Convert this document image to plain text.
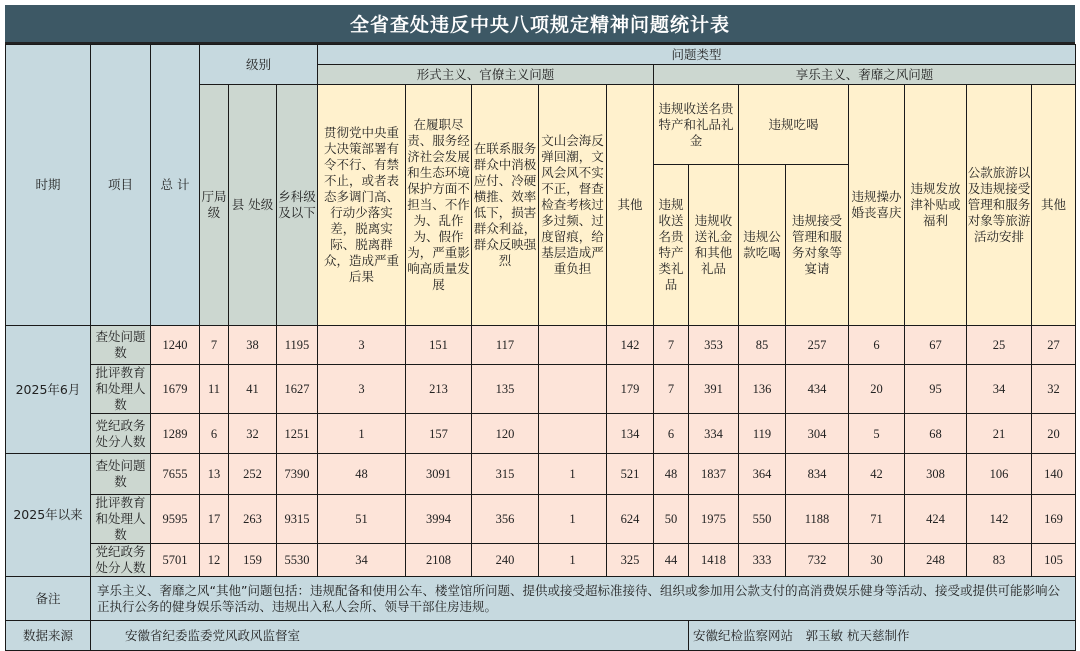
全省查处违反中央八项规定精神问题统计表
时期	项目	总 计	级别			问题类型												
						形式主义、官僚主义问题					享乐主义、奢靡之风问题							
			厅局级	县 处级	乡科级及以下	贯彻党中央重大决策部署有令不行、有禁不止，或者表态多调门高、行动少落实差，脱离实际、脱离群众，造成严重后果	在履职尽责、服务经济社会发展和生态环境保护方面不担当、不作为、乱作为、假作为，严重影响高质量发展	在联系服务群众中消极应付、冷硬横推、效率低下，损害群众利益，群众反映强烈	文山会海反弹回潮，文风会风不实不正，督查检查考核过多过频、过度留痕，给基层造成严重负担	其他	违规收送名贵特产和礼品礼金		违规吃喝		违规操办婚丧喜庆	违规发放津补贴或福利	公款旅游以及违规接受管理和服务对象等旅游活动安排	其他
											违规收送名贵特产类礼品	违规收送礼金和其他礼品	违规公款吃喝	违规接受管理和服务对象等宴请				
2025年6月	查处问题数	1240	7	38	1195	3	151	117		142	7	353	85	257	6	67	25	27
	批评教育和处理人数	1679	11	41	1627	3	213	135		179	7	391	136	434	20	95	34	32
	党纪政务处分人数	1289	6	32	1251	1	157	120		134	6	334	119	304	5	68	21	20
2025年以来	查处问题数	7655	13	252	7390	48	3091	315	1	521	48	1837	364	834	42	308	106	140
	批评教育和处理人数	9595	17	263	9315	51	3994	356	1	624	50	1975	550	1188	71	424	142	169
	党纪政务处分人数	5701	12	159	5530	34	2108	240	1	325	44	1418	333	732	30	248	83	105
备注	享乐主义、奢靡之风“其他”问题包括：违规配备和使用公车、楼堂馆所问题、提供或接受超标准接待、组织或参加用公款支付的高消费娱乐健身等活动、接受或提供可能影响公正执行公务的健身娱乐等活动、违规出入私人会所、领导干部住房违规。																	
数据来源	安徽省纪委监委党风政风监督室											安徽纪检监察网站　郭玉敏 杭天慈制作						
